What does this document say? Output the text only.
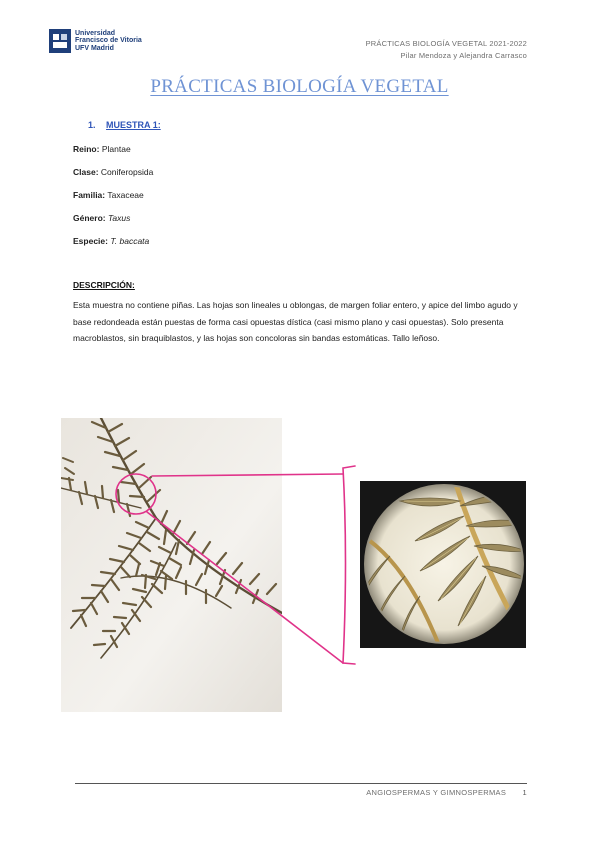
Universidad
Francisco de Vitoria
UFV Madrid
PRÁCTICAS BIOLOGÍA VEGETAL 2021-2022
Pilar Mendoza y Alejandra Carrasco
PRÁCTICAS BIOLOGÍA VEGETAL
1. MUESTRA 1:
Reino: Plantae
Clase: Coniferopsida
Familia: Taxaceae
Género: Taxus
Especie: T. baccata
DESCRIPCIÓN:
Esta muestra no contiene piñas. Las hojas son lineales u oblongas, de margen foliar entero, y apice del limbo agudo y base redondeada están puestas de forma casi opuestas dística (casi mismo plano y casi opuestas). Solo presenta macroblastos, sin braquiblastos, y las hojas son concoloras sin bandas estomáticas. Tallo leñoso.
ANGIOSPERMAS Y GIMNOSPERMAS 1
